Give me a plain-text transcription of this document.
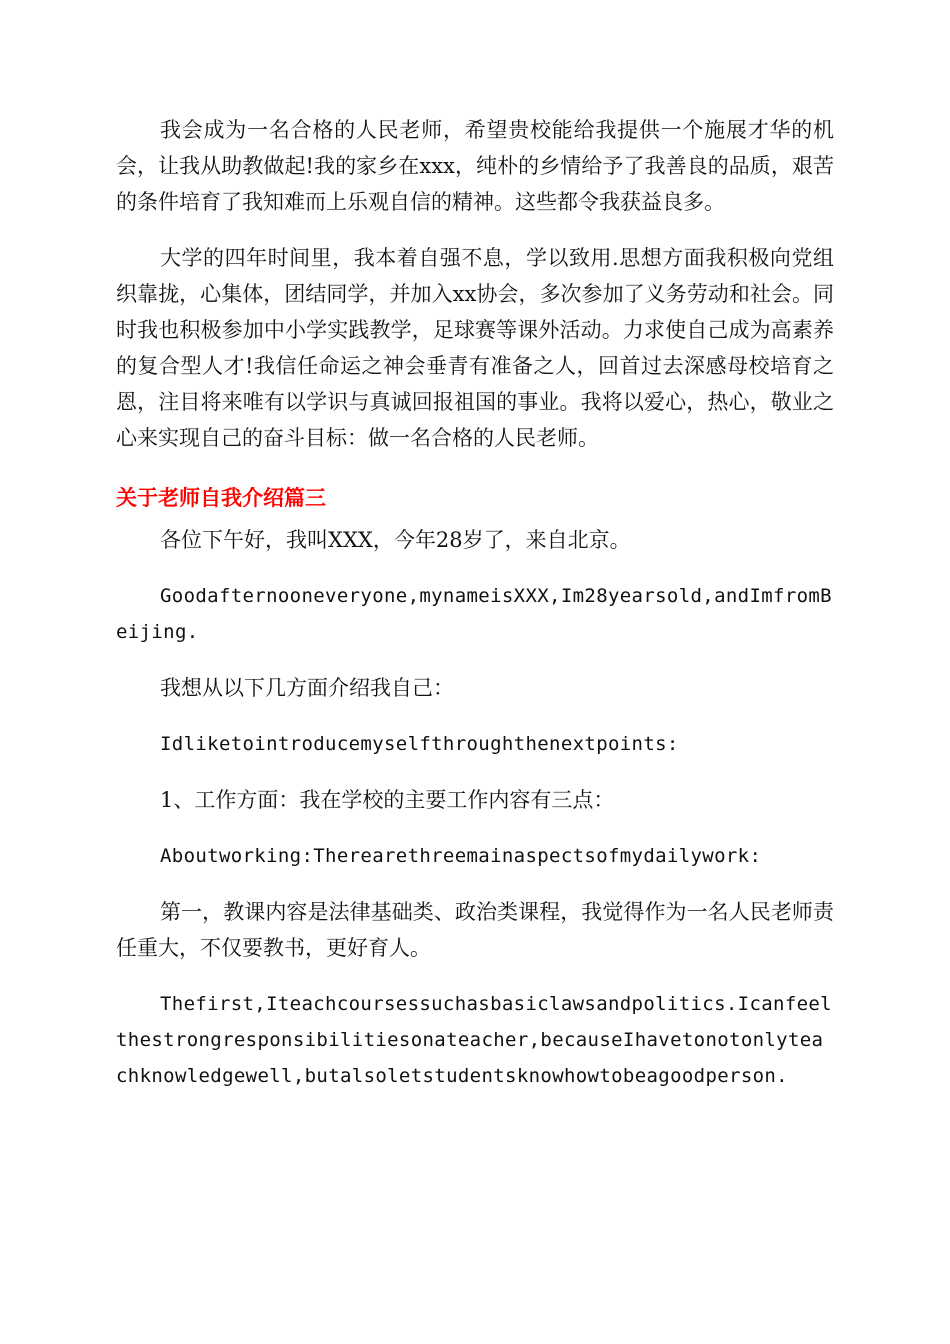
我会成为一名合格的人民老师，希望贵校能给我提供一个施展才华的机会，让我从助教做起!我的家乡在xxx，纯朴的乡情给予了我善良的品质，艰苦的条件培育了我知难而上乐观自信的精神。这些都令我获益良多。

大学的四年时间里，我本着自强不息，学以致用.思想方面我积极向党组织靠拢，心集体，团结同学，并加入xx协会，多次参加了义务劳动和社会。同时我也积极参加中小学实践教学，足球赛等课外活动。力求使自己成为高素养的复合型人才!我信任命运之神会垂青有准备之人，回首过去深感母校培育之恩，注目将来唯有以学识与真诚回报祖国的事业。我将以爱心，热心，敬业之心来实现自己的奋斗目标：做一名合格的人民老师。

关于老师自我介绍篇三

各位下午好，我叫XXX，今年28岁了，来自北京。

Goodafternooneveryone,mynameisXXX,Im28yearsold,andImfromBeijing.

我想从以下几方面介绍我自己：

Idliketointroducemyselfthroughthenextpoints:

1、工作方面：我在学校的主要工作内容有三点：

Aboutworking:Therearethreemainaspectsofmydailywork:

第一，教课内容是法律基础类、政治类课程，我觉得作为一名人民老师责任重大，不仅要教书，更好育人。

Thefirst,Iteachcoursessuchasbasiclawsandpolitics.Icanfeelthestrongresponsibilitiesonateacher,becauseIhavetonotonlyteachknowledgewell,butalsoletstudentsknowhowtobeagoodperson.
